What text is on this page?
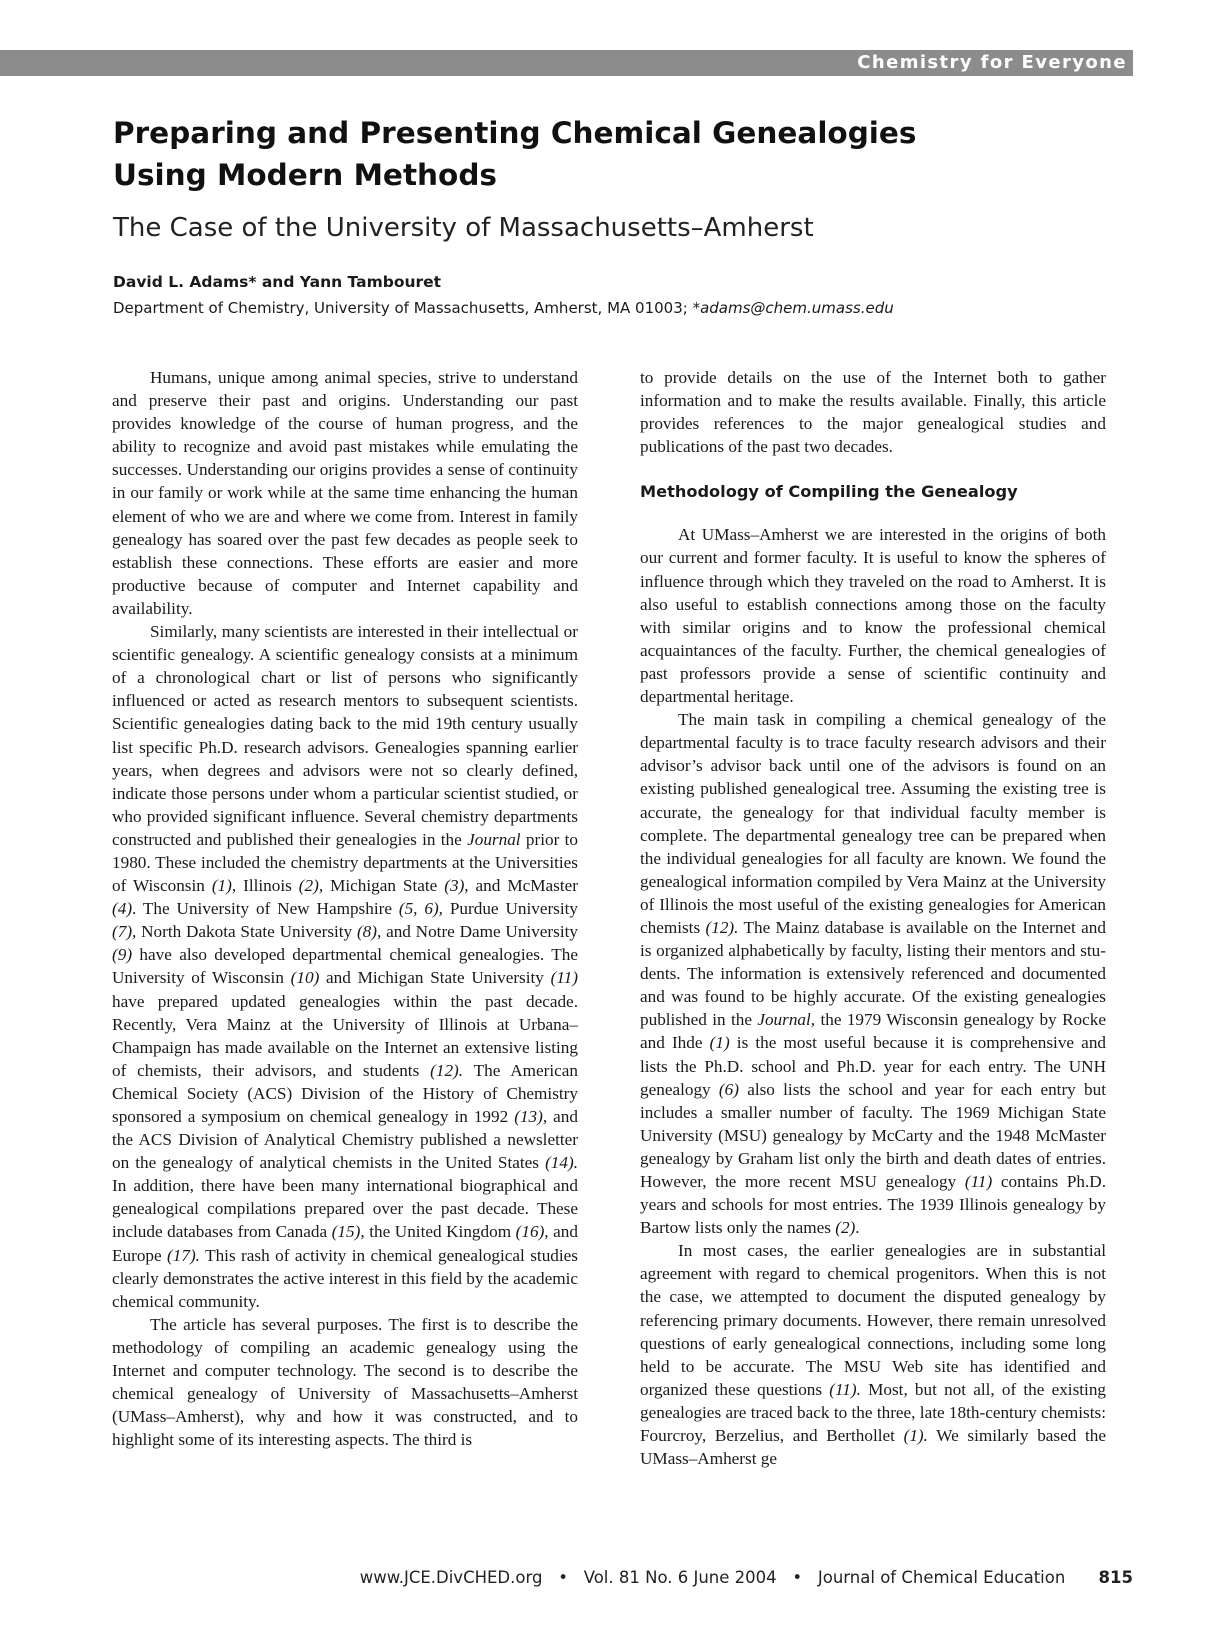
Chemistry for Everyone
Preparing and Presenting Chemical Genealogies
Using Modern Methods
The Case of the University of Massachusetts–Amherst

David L. Adams* and Yann Tambouret

Department of Chemistry, University of Massachusetts, Amherst, MA 01003; *adams@chem.umass.edu

Humans, unique among animal species, strive to understand and preserve their past and origins. Understanding our past provides knowledge of the course of human progress, and the ability to recognize and avoid past mistakes while emulating the successes. Understanding our origins provides a sense of continuity in our family or work while at the same time enhancing the human element of who we are and where we come from. Interest in family genealogy has soared over the past few decades as people seek to establish these connections. These efforts are easier and more productive because of computer and Internet capability and availability.

Similarly, many scientists are interested in their intellectual or scientific genealogy. A scientific genealogy consists at a minimum of a chronological chart or list of persons who significantly influenced or acted as research mentors to subsequent scientists. Scientific genealogies dating back to the mid 19th century usually list specific Ph.D. research advisors. Genealogies spanning earlier years, when degrees and advisors were not so clearly defined, indicate those persons under whom a particular scientist studied, or who provided significant influence. Several chemistry departments constructed and published their genealogies in the Journal prior to 1980. These included the chemistry departments at the Universities of Wisconsin (1), Illinois (2), Michigan State (3), and McMaster (4). The University of New Hampshire (5, 6), Purdue University (7), North Dakota State University (8), and Notre Dame University (9) have also developed departmental chemical genealogies. The University of Wisconsin (10) and Michigan State University (11) have prepared updated genealogies within the past decade. Recently, Vera Mainz at the University of Illinois at Urbana–Champaign has made available on the Internet an extensive listing of chemists, their advisors, and students (12). The American Chemical Society (ACS) Division of the History of Chemistry sponsored a symposium on chemical genealogy in 1992 (13), and the ACS Division of Analytical Chemistry published a newsletter on the genealogy of analytical chemists in the United States (14). In addition, there have been many international biographical and genealogical compilations prepared over the past decade. These include databases from Canada (15), the United Kingdom (16), and Europe (17). This rash of activity in chemical genealogical studies clearly demonstrates the active interest in this field by the academic chemical community.

The article has several purposes. The first is to describe the methodology of compiling an academic genealogy using the Internet and computer technology. The second is to describe the chemical genealogy of University of Massachusetts–Amherst (UMass–Amherst), why and how it was constructed, and to highlight some of its interesting aspects. The third is

to provide details on the use of the Internet both to gather information and to make the results available. Finally, this article provides references to the major genealogical studies and publications of the past two decades.

Methodology of Compiling the Genealogy

At UMass–Amherst we are interested in the origins of both our current and former faculty. It is useful to know the spheres of influence through which they traveled on the road to Amherst. It is also useful to establish connections among those on the faculty with similar origins and to know the professional chemical acquaintances of the faculty. Further, the chemical genealogies of past professors provide a sense of scientific continuity and departmental heritage.

The main task in compiling a chemical genealogy of the departmental faculty is to trace faculty research advisors and their advisor’s advisor back until one of the advisors is found on an existing published genealogical tree. Assuming the existing tree is accurate, the genealogy for that individual faculty member is complete. The departmental genealogy tree can be prepared when the individual genealogies for all faculty are known. We found the genealogical information compiled by Vera Mainz at the University of Illinois the most useful of the existing genealogies for American chemists (12). The Mainz database is available on the Internet and is organized alphabetically by faculty, listing their mentors and students. The information is extensively referenced and documented and was found to be highly accurate. Of the existing genealogies published in the Journal, the 1979 Wisconsin genealogy by Rocke and Ihde (1) is the most useful because it is comprehensive and lists the Ph.D. school and Ph.D. year for each entry. The UNH genealogy (6) also lists the school and year for each entry but includes a smaller number of faculty. The 1969 Michigan State University (MSU) genealogy by McCarty and the 1948 McMaster genealogy by Graham list only the birth and death dates of entries. However, the more recent MSU genealogy (11) contains Ph.D. years and schools for most entries. The 1939 Illinois genealogy by Bartow lists only the names (2).

In most cases, the earlier genealogies are in substantial agreement with regard to chemical progenitors. When this is not the case, we attempted to document the disputed genealogy by referencing primary documents. However, there remain unresolved questions of early genealogical connections, including some long held to be accurate. The MSU Web site has identified and organized these questions (11). Most, but not all, of the existing genealogies are traced back to the three, late 18th-century chemists: Fourcroy, Berzelius, and Berthollet (1). We similarly based the UMass–Amherst ge

www.JCE.DivCHED.org • Vol. 81 No. 6 June 2004 • Journal of Chemical Education 815
